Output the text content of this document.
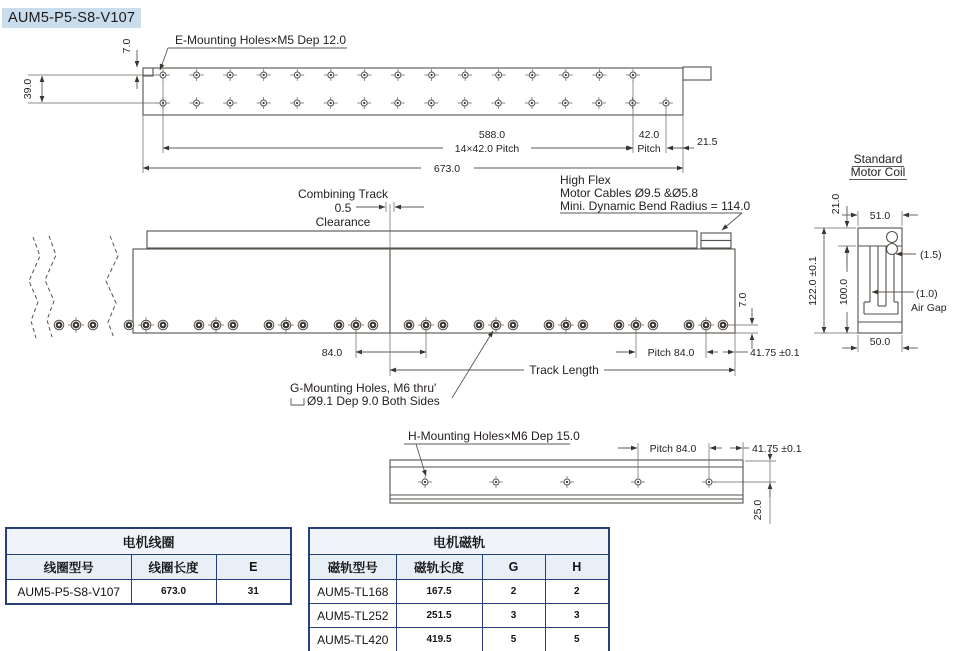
AUM5-P5-S8-V107
E-Mounting Holes×M5 Dep 12.0
7.0
39.0
588.0
14×42.0 Pitch
42.0
Pitch
21.5
673.0
Combining Track
0.5
Clearance
High Flex
Motor Cables Ø9.5 &Ø5.8
Mini. Dynamic Bend Radius = 114.0
84.0
Track Length
Pitch 84.0	41.75 ±0.1
7.0
G-Mounting Holes, M6 thru'
Ø9.1 Dep 9.0 Both Sides
Standard
Motor Coil
51.0
21.0
100.0
122.0 ±0.1
(1.5)
(1.0)
Air Gap
50.0
H-Mounting Holes×M6 Dep 15.0
Pitch 84.0	41.75 ±0.1
25.0
电机线圈		
线圈型号	线圈长度	E
AUM5-P5-S8-V107	673.0	31
电机磁轨			
磁轨型号	磁轨长度	G	H
AUM5-TL168	167.5	2	2
AUM5-TL252	251.5	3	3
AUM5-TL420	419.5	5	5
